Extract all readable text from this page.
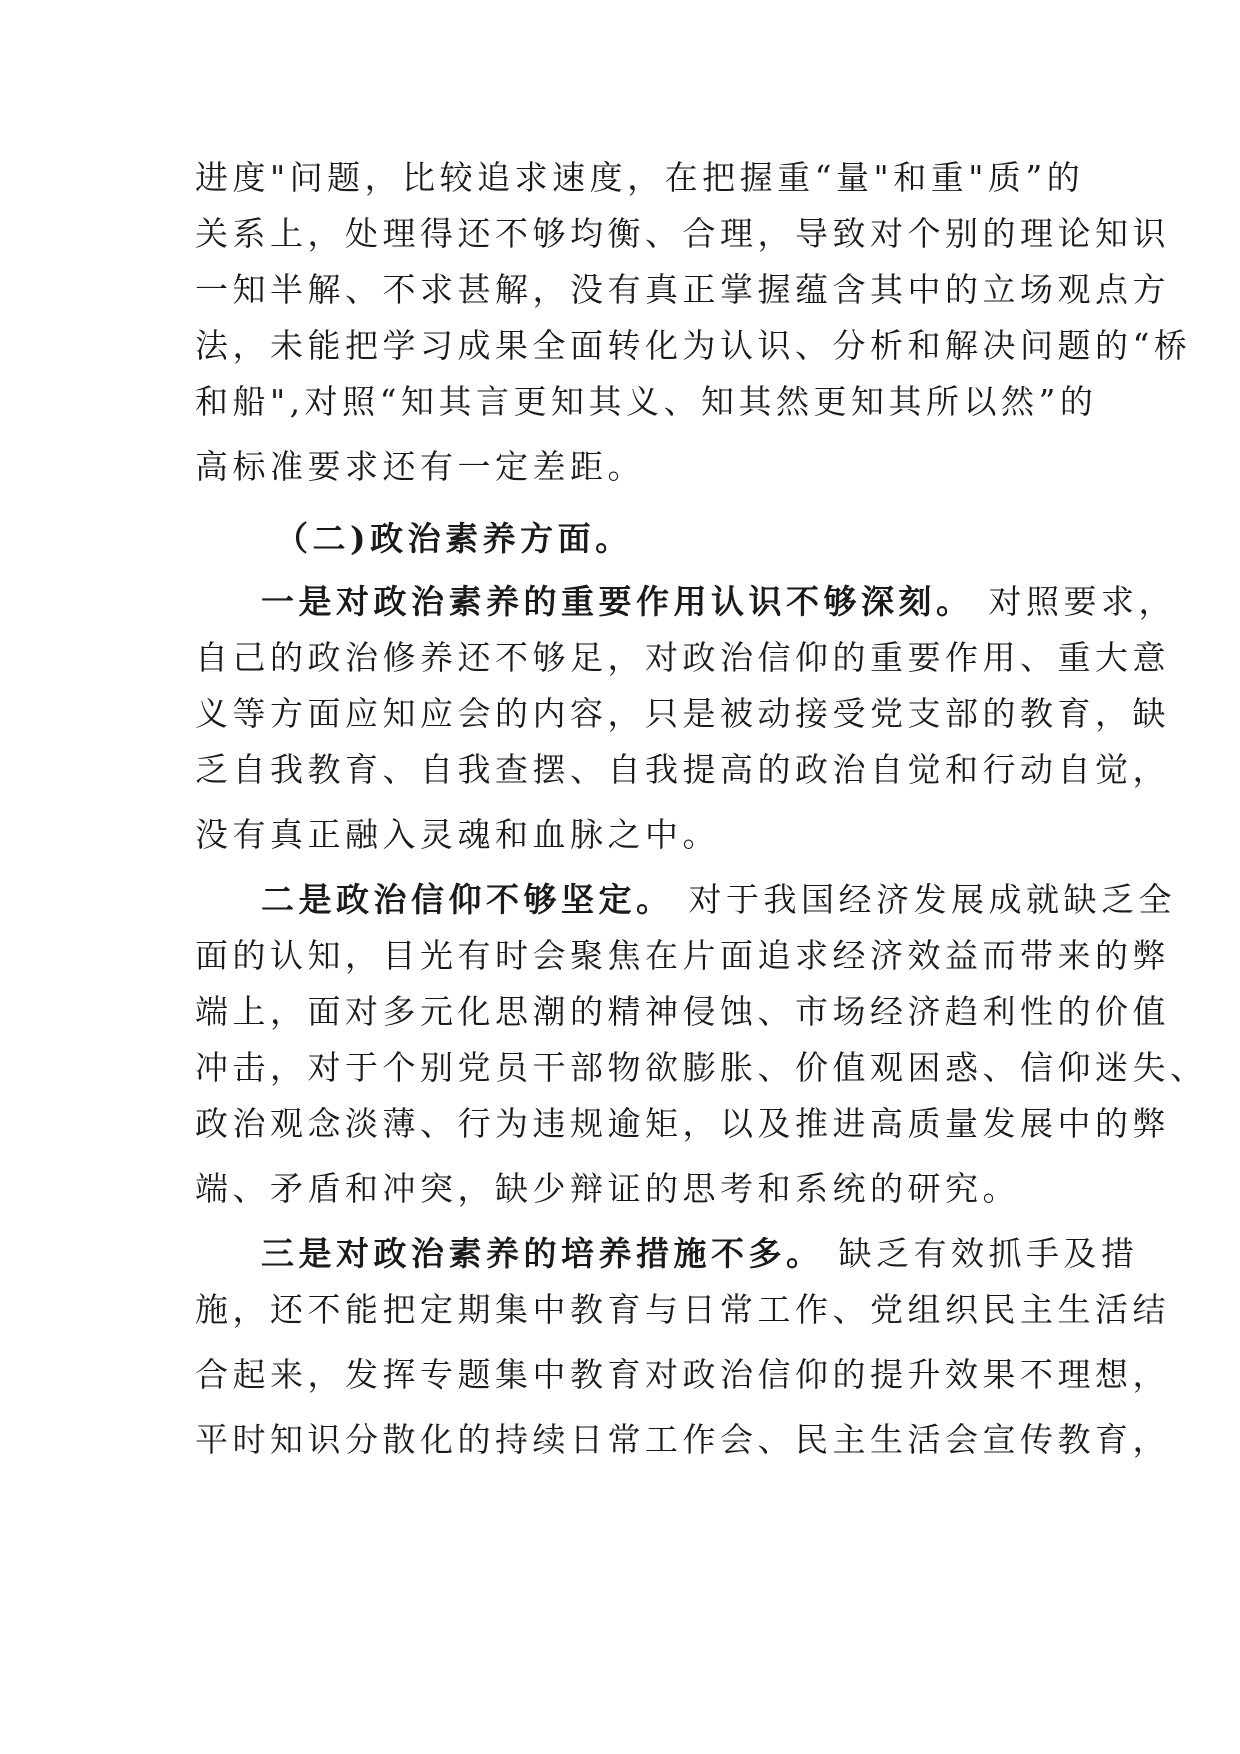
进度"问题，比较追求速度，在把握重“量"和重"质”的
关系上，处理得还不够均衡、合理，导致对个别的理论知识
一知半解、不求甚解，没有真正掌握蕴含其中的立场观点方
法，未能把学习成果全面转化为认识、分析和解决问题的“桥
和船",对照“知其言更知其义、知其然更知其所以然”的
高标准要求还有一定差距。
（二)政治素养方面。
一是对政治素养的重要作用认识不够深刻。 对照要求，
自己的政治修养还不够足，对政治信仰的重要作用、重大意
义等方面应知应会的内容，只是被动接受党支部的教育，缺
乏自我教育、自我查摆、自我提高的政治自觉和行动自觉，
没有真正融入灵魂和血脉之中。
二是政治信仰不够坚定。 对于我国经济发展成就缺乏全
面的认知，目光有时会聚焦在片面追求经济效益而带来的弊
端上，面对多元化思潮的精神侵蚀、市场经济趋利性的价值
冲击，对于个别党员干部物欲膨胀、价值观困惑、信仰迷失、
政治观念淡薄、行为违规逾矩，以及推进高质量发展中的弊
端、矛盾和冲突，缺少辩证的思考和系统的研究。
三是对政治素养的培养措施不多。 缺乏有效抓手及措
施，还不能把定期集中教育与日常工作、党组织民主生活结
合起来，发挥专题集中教育对政治信仰的提升效果不理想，
平时知识分散化的持续日常工作会、民主生活会宣传教育，
